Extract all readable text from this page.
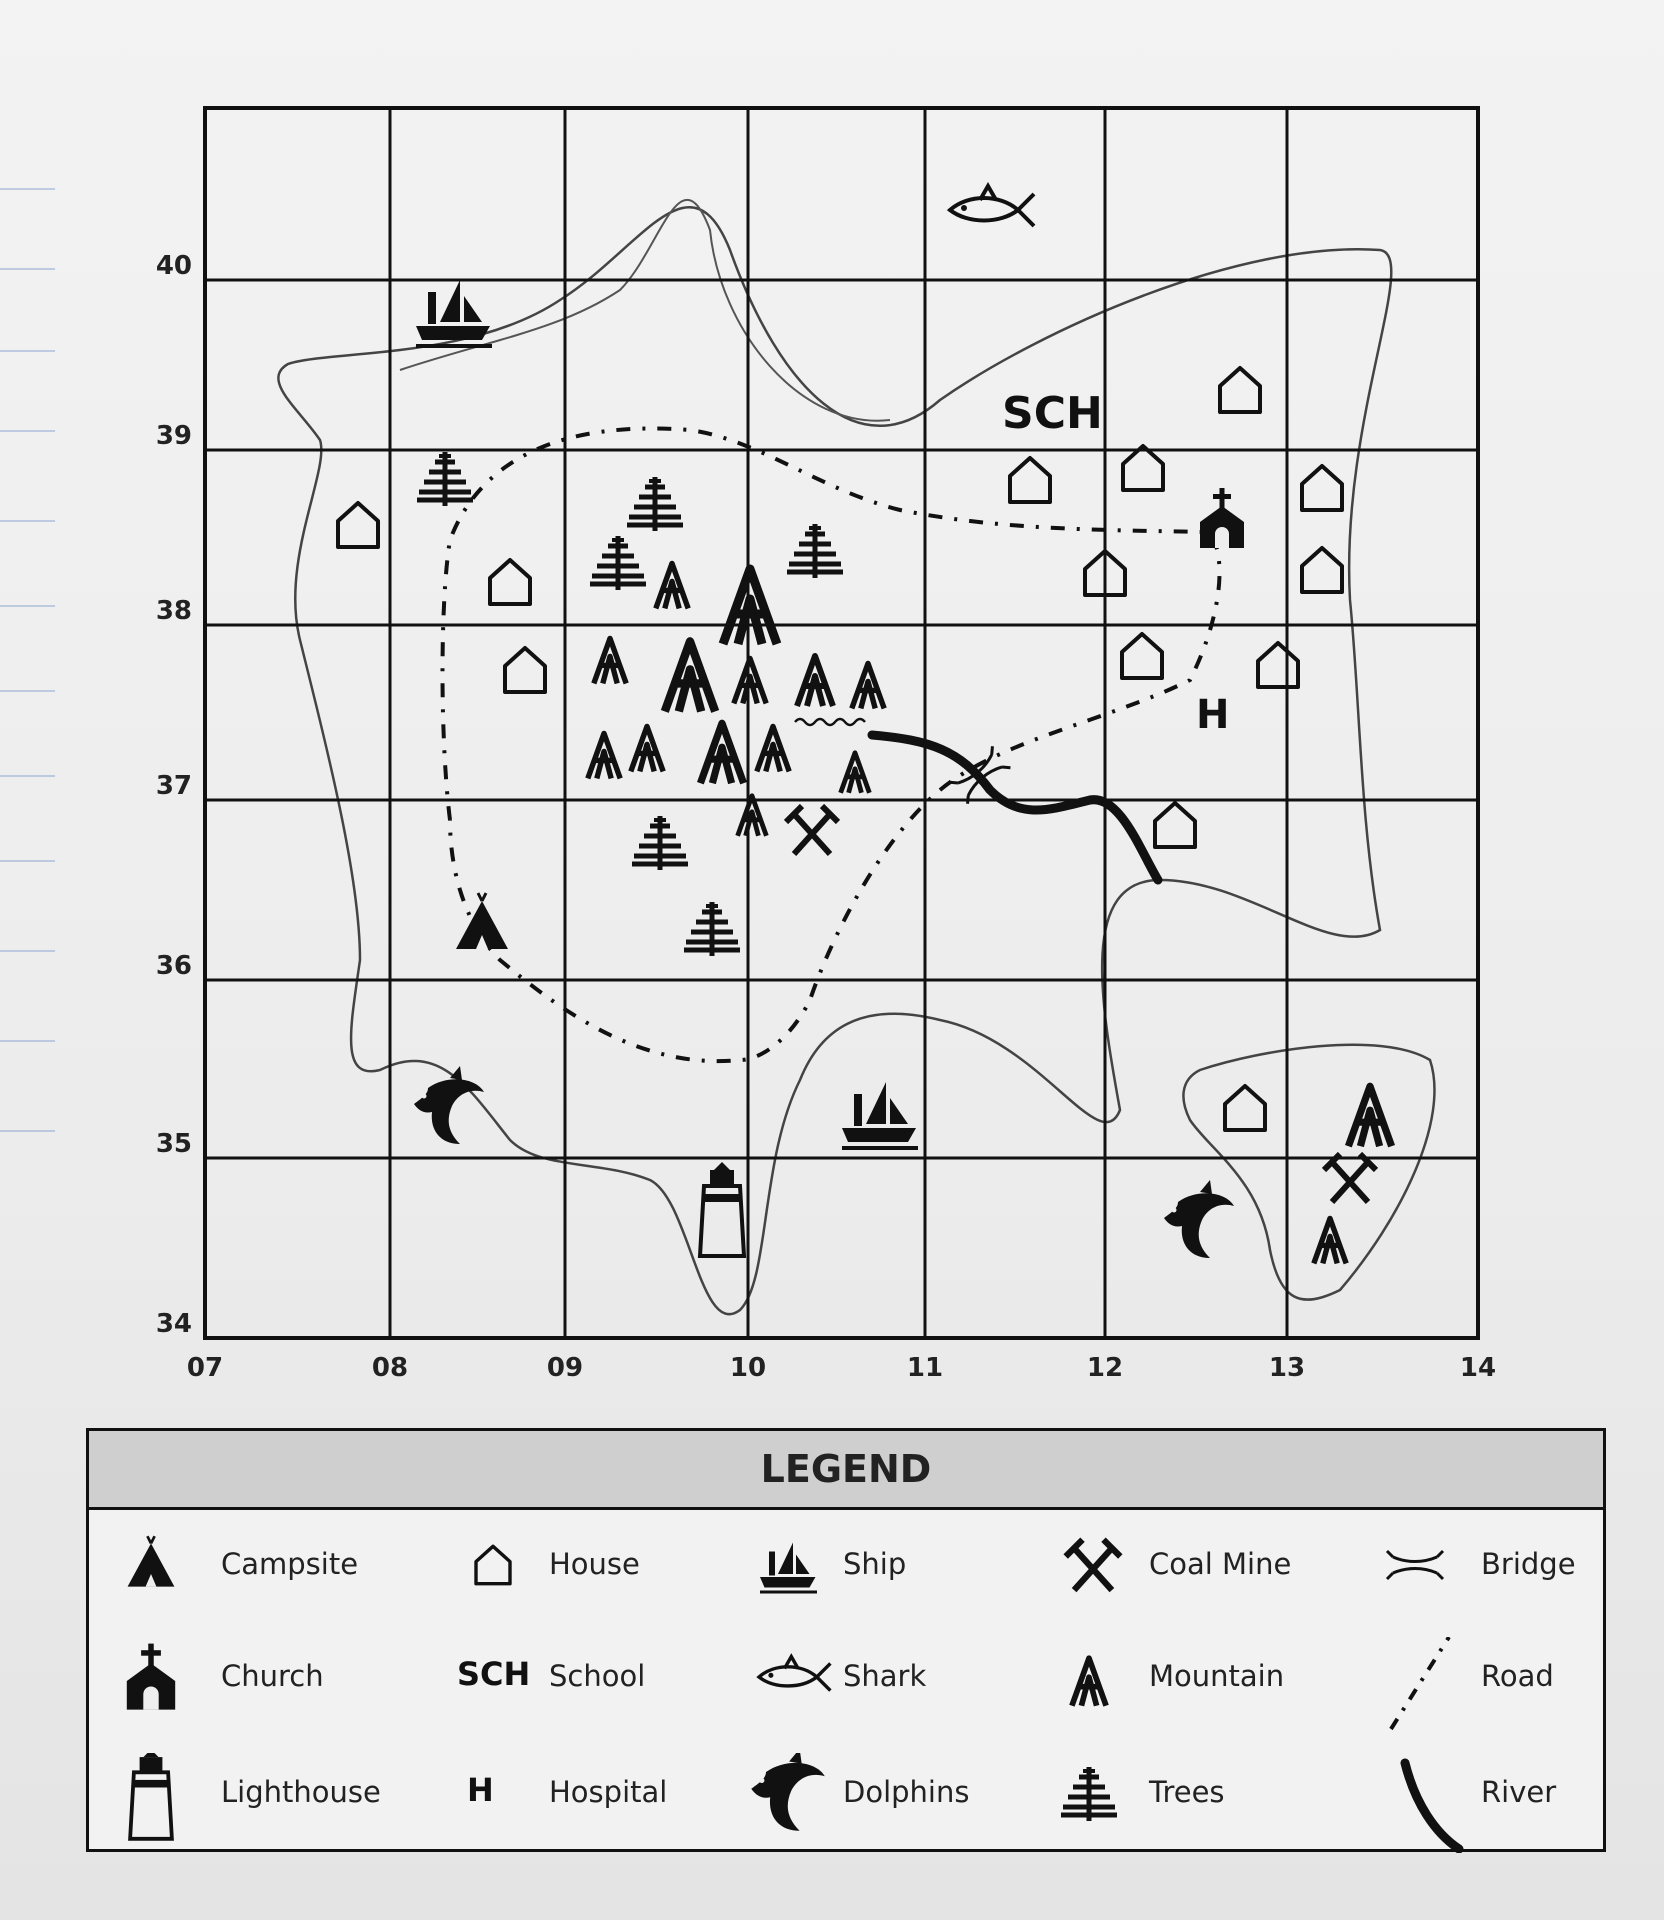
SCH
H
07	08	09	10	11	12	13	14
34
35
36
37
38
39
40
LEGEND
Campsite	House	Ship	Coal Mine	Bridge
Church	SCH School	Shark	Mountain	Road
Lighthouse	H Hospital	Dolphins	Trees	River
